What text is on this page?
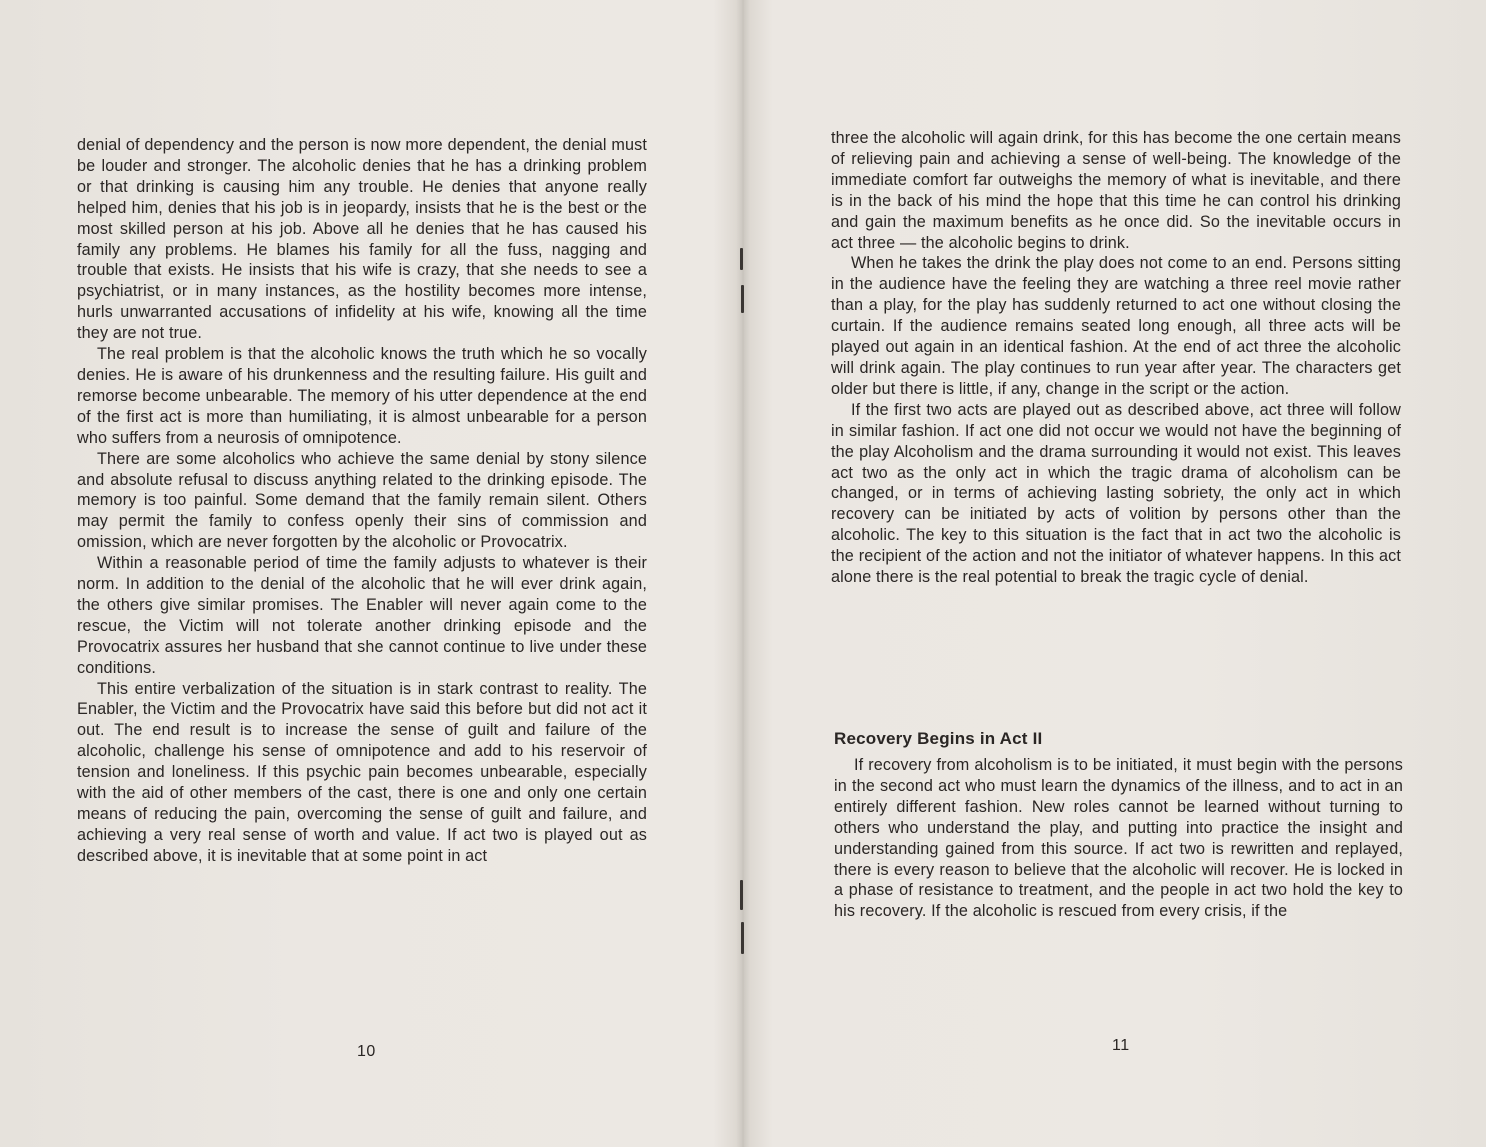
denial of dependency and the person is now more dependent, the denial must be louder and stronger. The alcoholic denies that he has a drinking problem or that drinking is causing him any trouble. He denies that anyone really helped him, denies that his job is in jeopardy, insists that he is the best or the most skilled person at his job. Above all he denies that he has caused his family any problems. He blames his family for all the fuss, nagging and trouble that exists. He insists that his wife is crazy, that she needs to see a psychiatrist, or in many instances, as the hostility becomes more intense, hurls unwarranted accusations of infidelity at his wife, knowing all the time they are not true.

The real problem is that the alcoholic knows the truth which he so vocally denies. He is aware of his drunkenness and the resulting failure. His guilt and remorse become unbearable. The memory of his utter dependence at the end of the first act is more than humiliating, it is almost unbearable for a person who suffers from a neurosis of omnipotence.

There are some alcoholics who achieve the same denial by stony silence and absolute refusal to discuss anything related to the drinking episode. The memory is too painful. Some demand that the family remain silent. Others may permit the family to confess openly their sins of commission and omission, which are never forgotten by the alcoholic or Provocatrix.

Within a reasonable period of time the family adjusts to whatever is their norm. In addition to the denial of the alcoholic that he will ever drink again, the others give similar promises. The Enabler will never again come to the rescue, the Victim will not tolerate another drinking episode and the Provocatrix assures her husband that she cannot continue to live under these conditions.

This entire verbalization of the situation is in stark contrast to reality. The Enabler, the Victim and the Provocatrix have said this before but did not act it out. The end result is to increase the sense of guilt and failure of the alcoholic, challenge his sense of omnipotence and add to his reservoir of tension and loneliness. If this psychic pain becomes unbearable, especially with the aid of other members of the cast, there is one and only one certain means of reducing the pain, overcoming the sense of guilt and failure, and achieving a very real sense of worth and value. If act two is played out as described above, it is inevitable that at some point in act

10

three the alcoholic will again drink, for this has become the one certain means of relieving pain and achieving a sense of well-being. The knowledge of the immediate comfort far outweighs the memory of what is inevitable, and there is in the back of his mind the hope that this time he can control his drinking and gain the maximum benefits as he once did. So the inevitable occurs in act three — the alcoholic begins to drink.

When he takes the drink the play does not come to an end. Persons sitting in the audience have the feeling they are watching a three reel movie rather than a play, for the play has suddenly returned to act one without closing the curtain. If the audience remains seated long enough, all three acts will be played out again in an identical fashion. At the end of act three the alcoholic will drink again. The play continues to run year after year. The characters get older but there is little, if any, change in the script or the action.

If the first two acts are played out as described above, act three will follow in similar fashion. If act one did not occur we would not have the beginning of the play Alcoholism and the drama surrounding it would not exist. This leaves act two as the only act in which the tragic drama of alcoholism can be changed, or in terms of achieving lasting sobriety, the only act in which recovery can be initiated by acts of volition by persons other than the alcoholic. The key to this situation is the fact that in act two the alcoholic is the recipient of the action and not the initiator of whatever happens. In this act alone there is the real potential to break the tragic cycle of denial.

Recovery Begins in Act II

If recovery from alcoholism is to be initiated, it must begin with the persons in the second act who must learn the dynamics of the illness, and to act in an entirely different fashion. New roles cannot be learned without turning to others who understand the play, and putting into practice the insight and understanding gained from this source. If act two is rewritten and replayed, there is every reason to believe that the alcoholic will recover. He is locked in a phase of resistance to treatment, and the people in act two hold the key to his recovery. If the alcoholic is rescued from every crisis, if the

11
